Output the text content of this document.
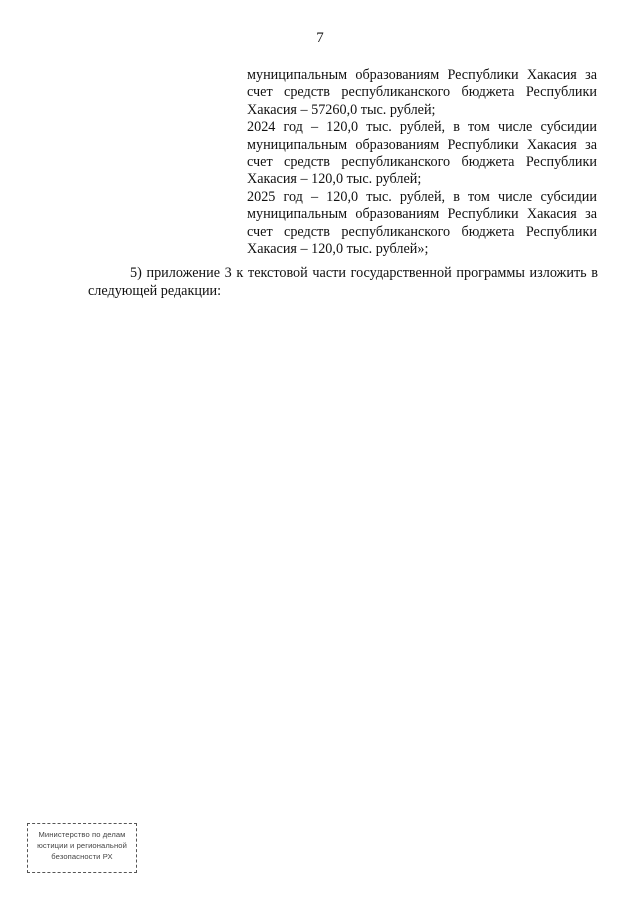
7

муниципальным образованиям Республики Хакасия за счет средств республиканского бюджета Республики Хакасия – 57260,0 тыс. рублей;

2024 год – 120,0 тыс. рублей, в том числе субсидии муниципальным образованиям Республики Хакасия за счет средств республиканского бюджета Республики Хакасия – 120,0 тыс. рублей;

2025 год – 120,0 тыс. рублей, в том числе субсидии муниципальным образованиям Республики Хакасия за счет средств республиканского бюджета Республики Хакасия – 120,0 тыс. рублей»;

5) приложение 3 к текстовой части государственной программы изложить в следующей редакции:

Министерство по делам
юстиции и региональной
безопасности РХ
